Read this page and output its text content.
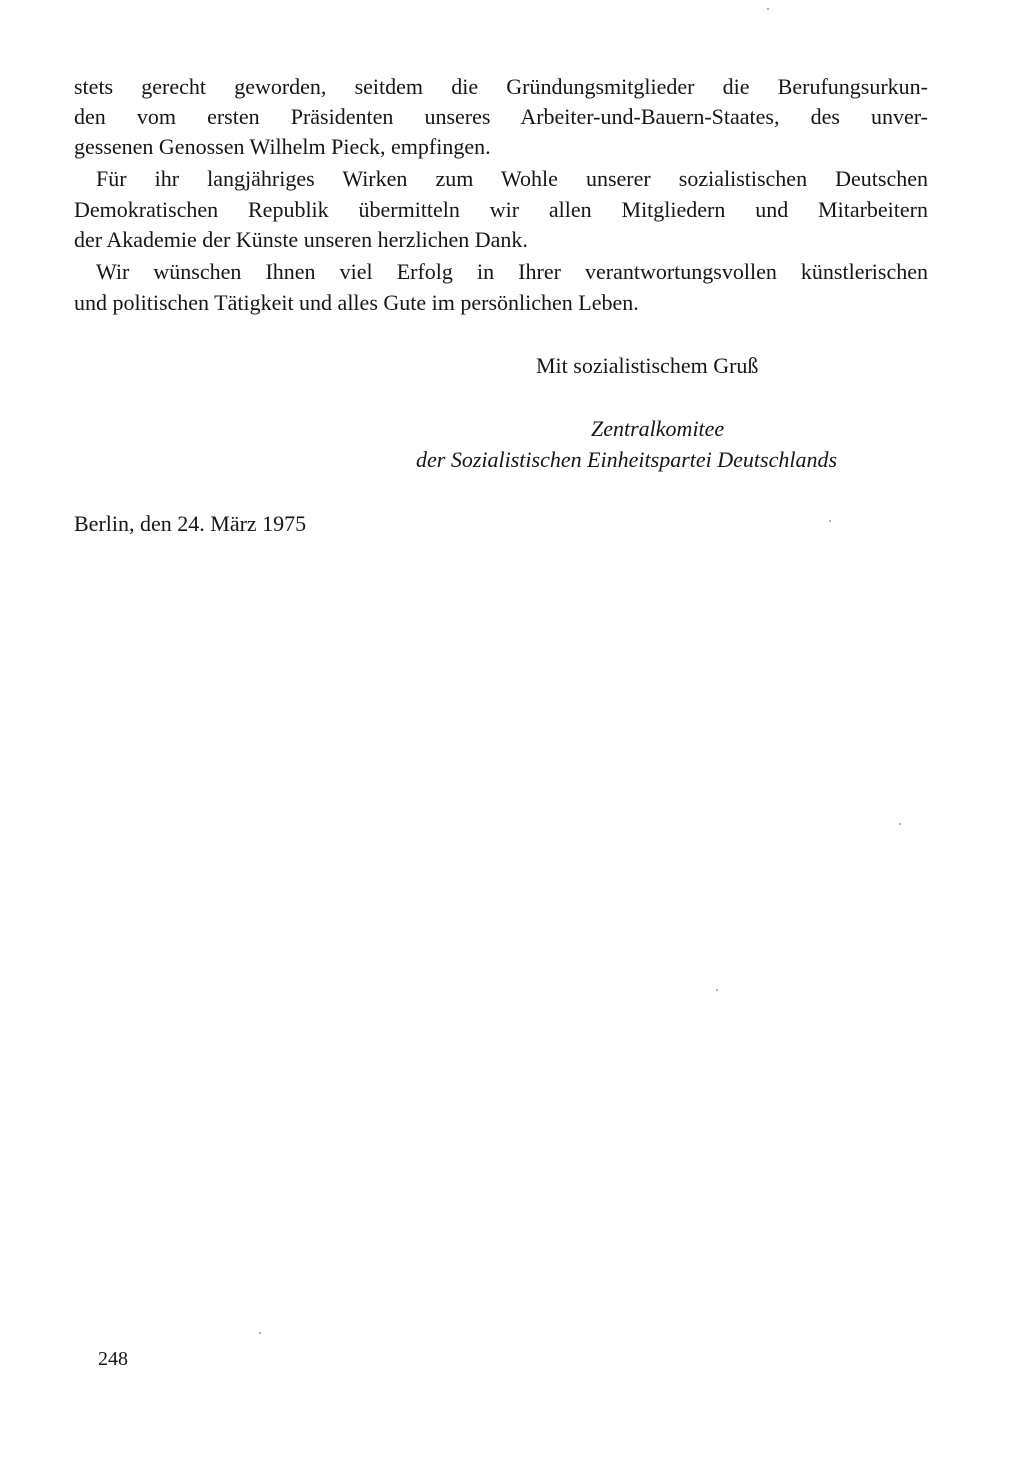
stets gerecht geworden, seitdem die Gründungsmitglieder die Berufungsurkun-
den vom ersten Präsidenten unseres Arbeiter-und-Bauern-Staates, des unver-
gessenen Genossen Wilhelm Pieck, empfingen.
Für ihr langjähriges Wirken zum Wohle unserer sozialistischen Deutschen
Demokratischen Republik übermitteln wir allen Mitgliedern und Mitarbeitern
der Akademie der Künste unseren herzlichen Dank.
Wir wünschen Ihnen viel Erfolg in Ihrer verantwortungsvollen künstlerischen
und politischen Tätigkeit und alles Gute im persönlichen Leben.
Mit sozialistischem Gruß
Zentralkomitee
der Sozialistischen Einheitspartei Deutschlands
Berlin, den 24. März 1975
248
